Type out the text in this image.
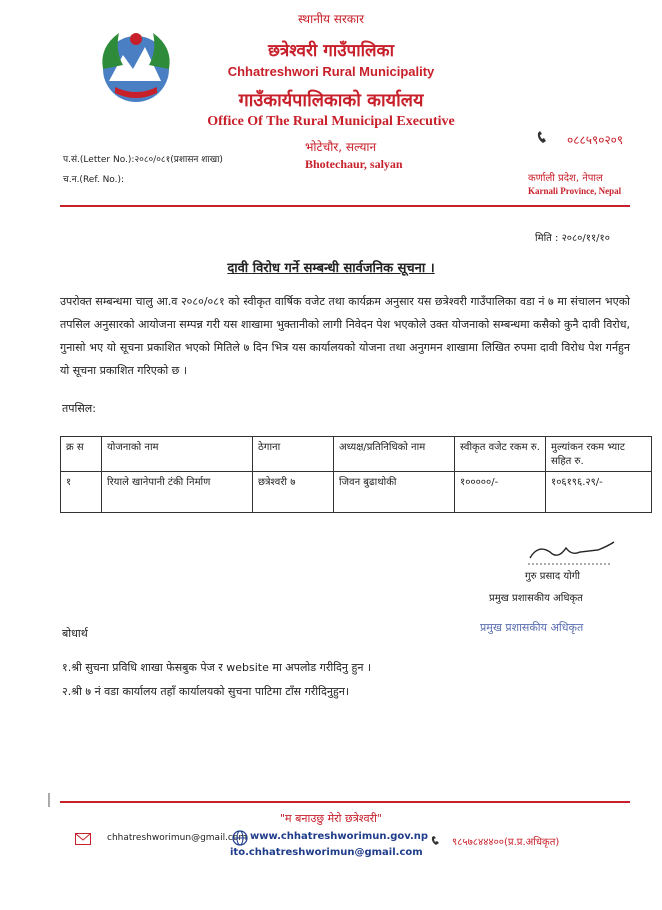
स्थानीय सरकार
छत्रेश्वरी गाउँपालिका
Chhatreshwori Rural Municipality
गाउँकार्यपालिकाको कार्यालय
Office Of The Rural Municipal Executive
भोटेचौर, सल्यान
Bhotechaur, salyan
०८८५९०२०९
प.सं.(Letter No.):२०८०/०८१(प्रशासन शाखा)
च.न.(Ref. No.):	कर्णाली प्रदेश, नेपाल
Karnali Province, Nepal
मिति : २०८०/११/१०
दावी विरोध गर्ने सम्बन्धी सार्वजनिक सूचना ।
उपरोक्त सम्बन्धमा चालु आ.व २०८०/०८१ को स्वीकृत वार्षिक वजेट तथा कार्यक्रम अनुसार यस छत्रेश्वरी गाउँपालिका वडा नं ७ मा संचालन भएको तपसिल अनुसारको आयोजना सम्पन्न गरी यस शाखामा भुक्तानीको लागी निवेदन पेश भएकोले उक्त योजनाको सम्बन्धमा कसैको कुनै दावी विरोध, गुनासो भए यो सूचना प्रकाशित भएको मितिले ७ दिन भित्र यस कार्यालयको योजना तथा अनुगमन शाखामा लिखित रुपमा दावी विरोध पेश गर्नहुन यो सूचना प्रकाशित गरिएको छ ।
तपसिल:
क्र स	योजनाको नाम	ठेगाना	अध्यक्ष/प्रतिनिधिको नाम	स्वीकृत वजेट रकम रु.	मुल्यांकन रकम भ्याट सहित रु.
१	रियाले खानेपानी टंकी निर्माण	छत्रेश्वरी ७	जिवन बुढाथोकी	१०००००/-	१०६१९६.२९/-
गुरु प्रसाद योगी
प्रमुख प्रशासकीय अधिकृत
प्रमुख प्रशासकीय अधिकृत
बोधार्थ
१.श्री सुचना प्रविधि शाखा फेसबुक पेज र website मा अपलोड गरीदिनु हुन ।
२.श्री ७ नं वडा कार्यालय तहाँ कार्यालयको सुचना पाटिमा टाँस गरीदिनुहुन।
"म बनाउछु मेरो छत्रेश्वरी"
chhatreshworimun@gmail.com www.chhatreshworimun.gov.np
ito.chhatreshworimun@gmail.com
९८५७८४४४००(प्र.प्र.अधिकृत)
